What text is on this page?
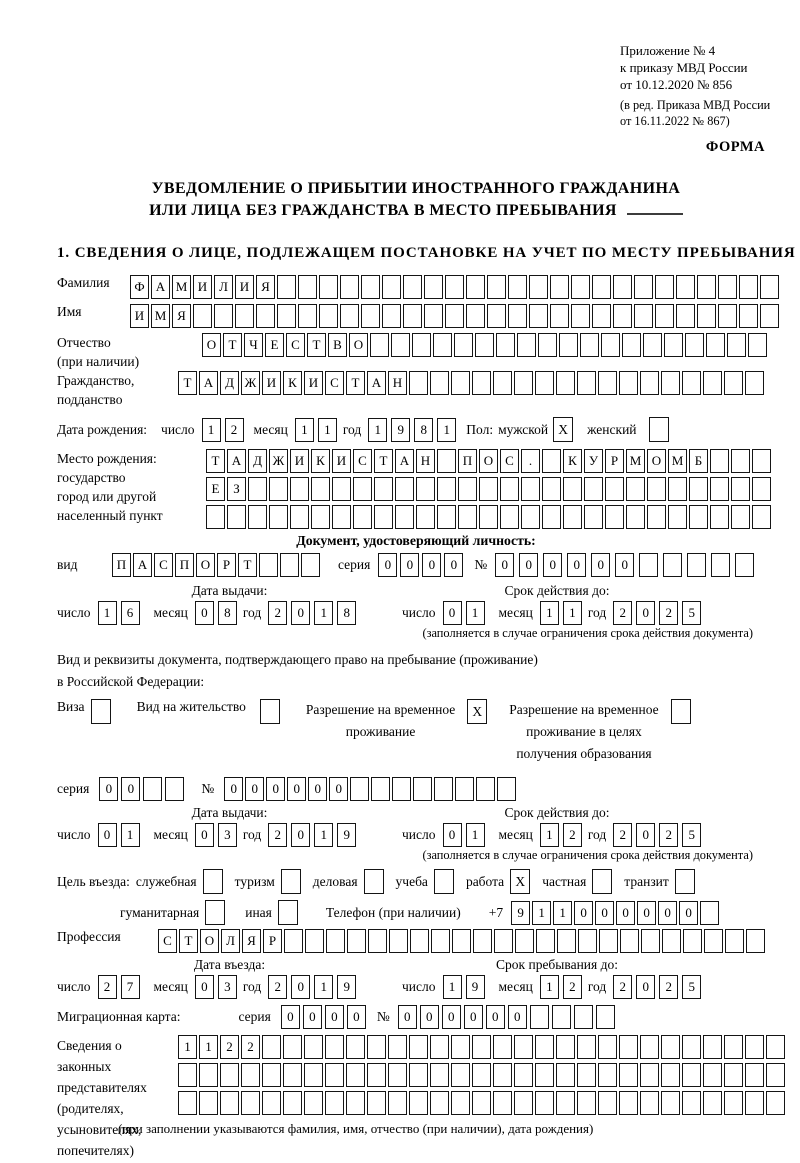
Приложение № 4
к приказу МВД России
от 10.12.2020 № 856
(в ред. Приказа МВД России
от 16.11.2022 № 867)
ФОРМА
УВЕДОМЛЕНИЕ О ПРИБЫТИИ ИНОСТРАННОГО ГРАЖДАНИНА
ИЛИ ЛИЦА БЕЗ ГРАЖДАНСТВА В МЕСТО ПРЕБЫВАНИЯ
1. СВЕДЕНИЯ О ЛИЦЕ, ПОДЛЕЖАЩЕМ ПОСТАНОВКЕ НА УЧЕТ ПО МЕСТУ ПРЕБЫВАНИЯ
Фамилия	Ф А М И Л И Я
Имя	И М Я
Отчество
(при наличии)
О Т Ч Е С Т В О
Гражданство,
подданство
Т А Д Ж И К И С Т А Н
Дата рождения: число	1	2	месяц	1	1 год	1	9	8	1	Пол: мужской X	женский
Место рождения:
государство
город или другой
населенный пункт
Т А Д Ж И К И С Т А Н	П О С	.	К У Р М О М Б
Е	З
Документ, удостоверяющий личность:
вид	П А С П О Р	Т	серия	0	0	0	0	№	0	0	0	0	0	0
Дата выдачи:	Срок действия до:
число	1	6	месяц	0	8 год	2	0	1	8	число	0	1	месяц	1	1 год	2	0	2	5
(заполняется в случае ограничения срока действия документа)
Вид и реквизиты документа, подтверждающего право на пребывание (проживание)
в Российской Федерации:
Виза	Вид на жительство	Разрешение на временное
проживание
X	Разрешение на временное
проживание в целях
получения образования
серия	0	0	№	0	0	0	0	0	0
Дата выдачи:	Срок действия до:
число	0	1	месяц	0	3 год	2	0	1	9	число	0	1	месяц	1	2 год	2	0	2	5
(заполняется в случае ограничения срока действия документа)
Цель въезда: служебная	туризм	деловая	учеба	работа X	частная	транзит
гуманитарная	иная	Телефон (при наличии) +7	9	1	1	0	0	0	0	0	0
Профессия	С Т О Л Я	Р
Дата въезда:	Срок пребывания до:
число	2	7	месяц	0	3 год	2	0	1	9	число	1	9	месяц	1	2 год	2	0	2	5
Миграционная карта:	серия	0	0	0	0	№	0	0	0	0	0	0
Сведения о
законных
представителях
(родителях,
усыновителях,
попечителях)
1	1	2	2
(при заполнении указываются фамилия, имя, отчество (при наличии), дата рождения)
